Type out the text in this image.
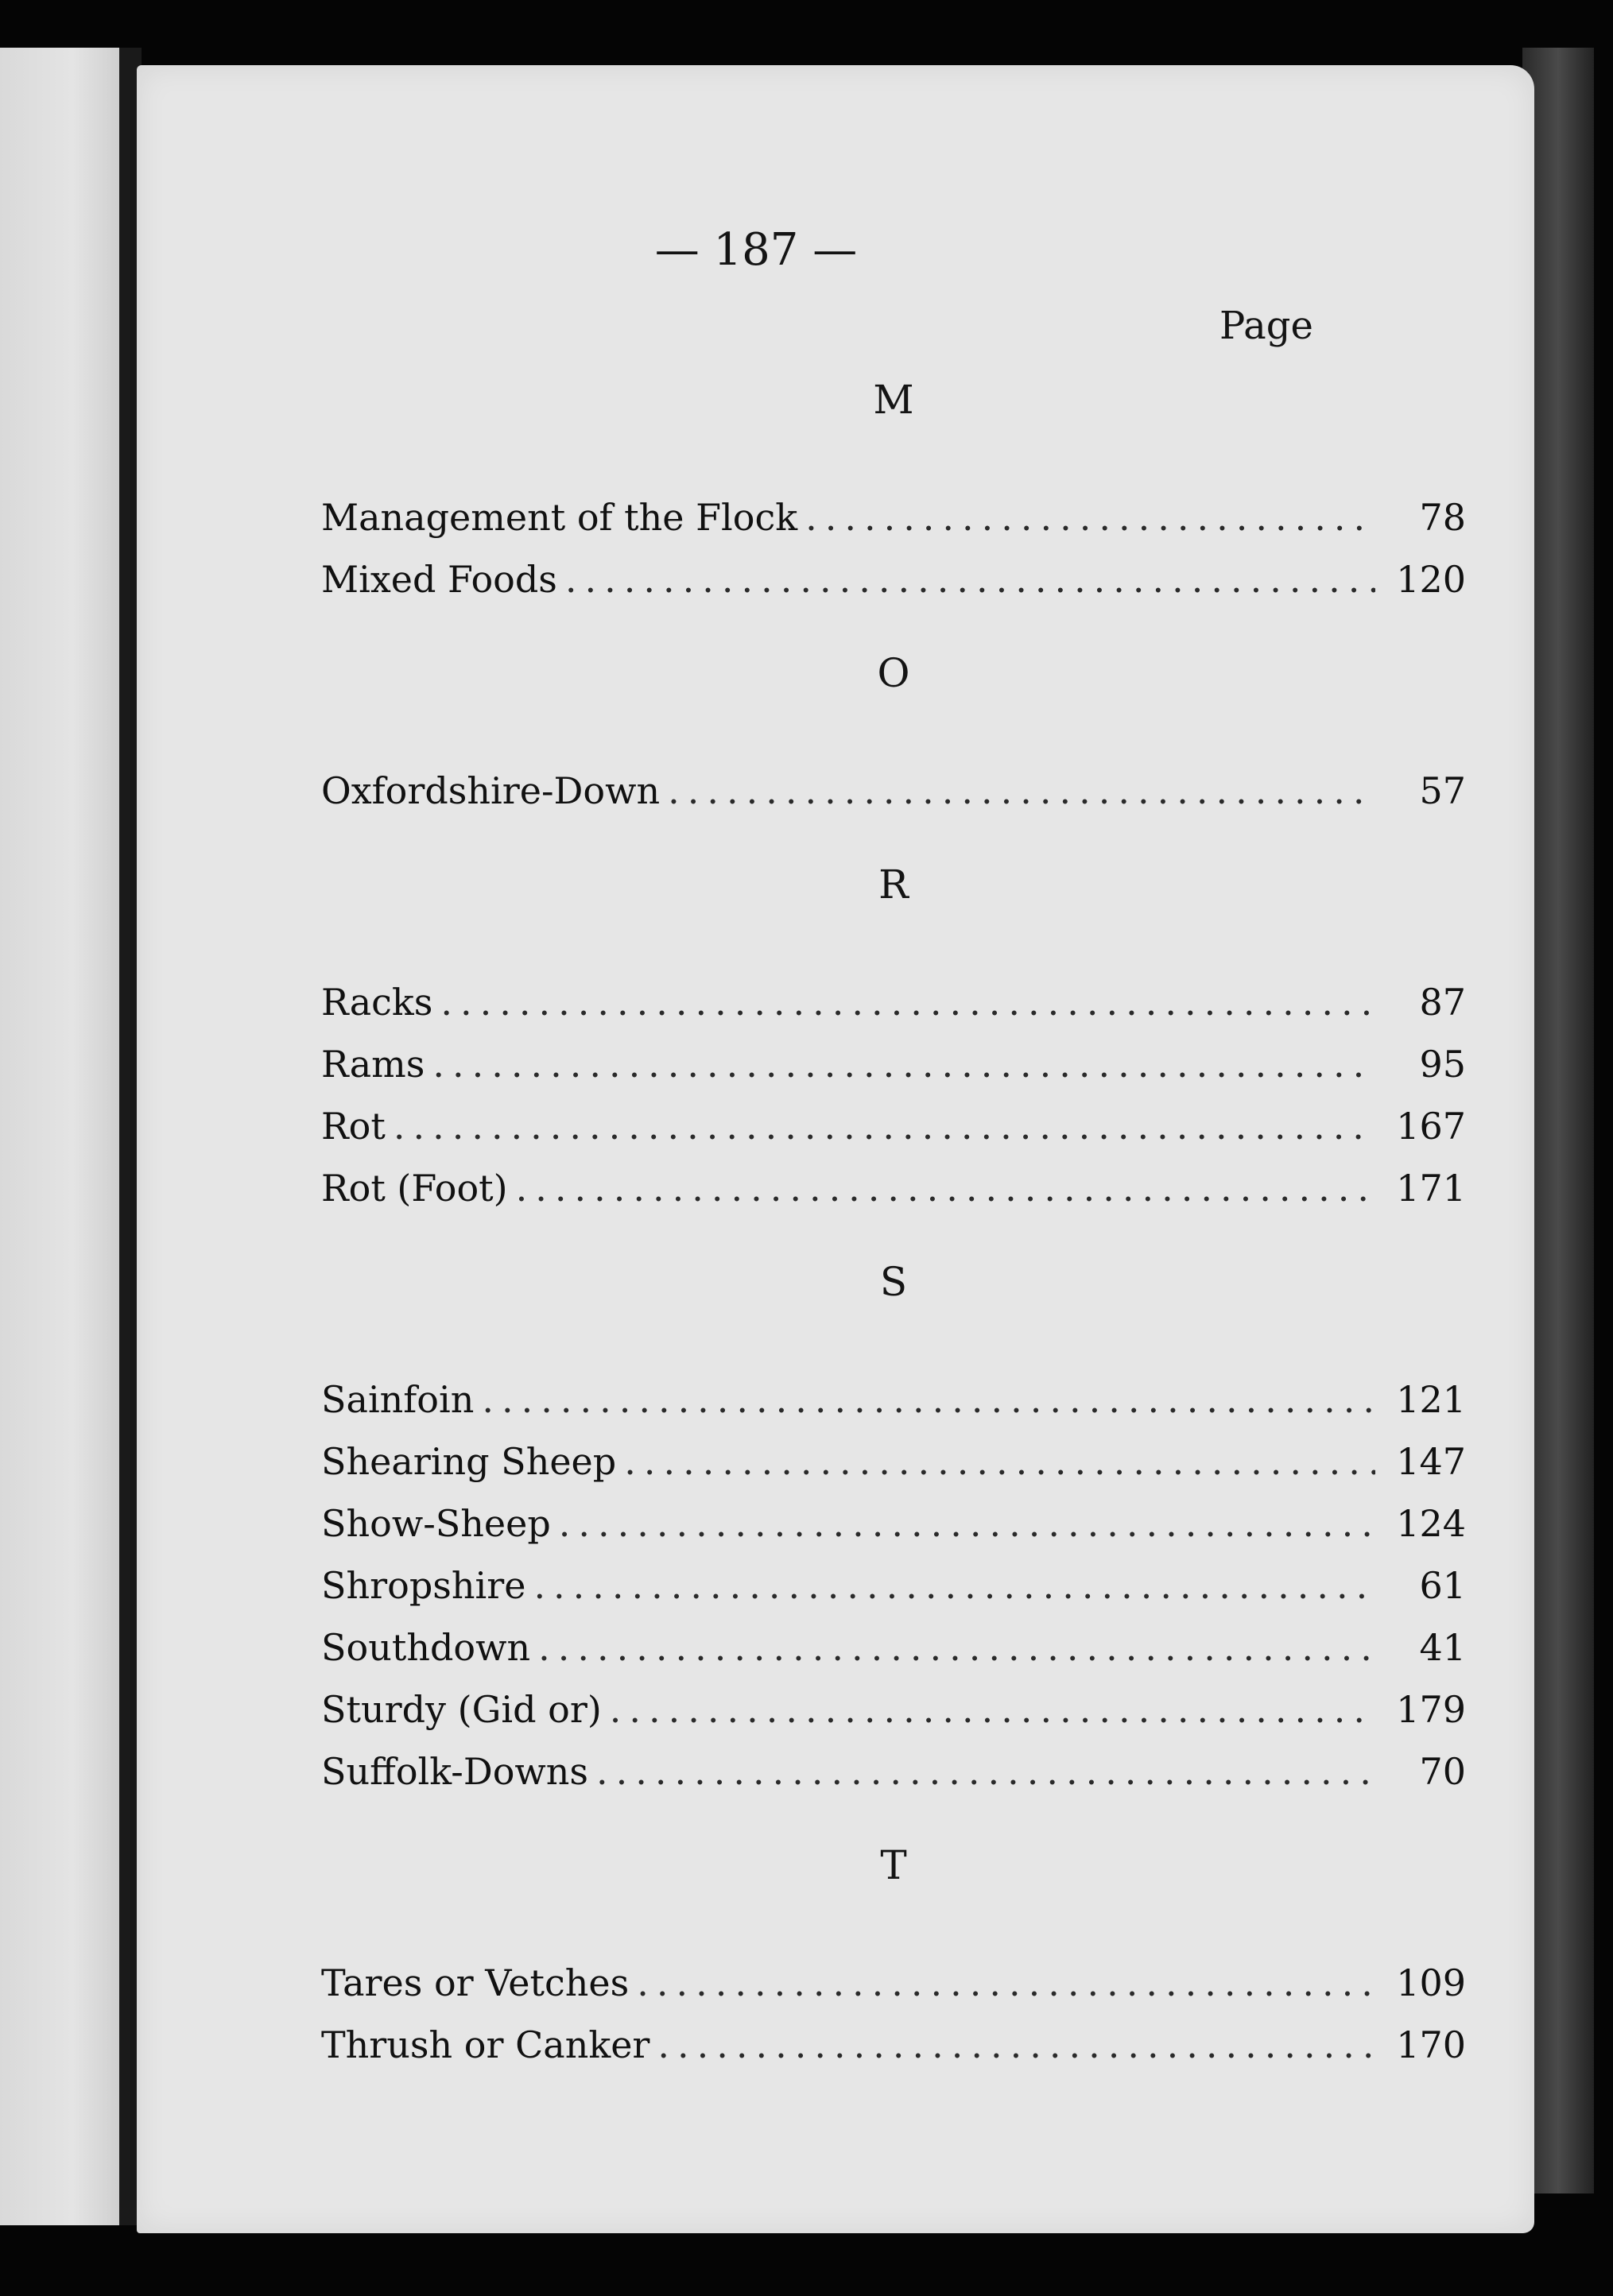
— 187 —
Page
M
Management of the Flock .....	78
Mixed Foods .....	120
O
Oxfordshire-Down .....	57
R
Racks .....	87
Rams .....	95
Rot .....	167
Rot (Foot) .....	171
S
Sainfoin .....	121
Shearing Sheep .....	147
Show-Sheep .....	124
Shropshire .....	61
Southdown .....	41
Sturdy (Gid or) .....	179
Suffolk-Downs .....	70
T
Tares or Vetches .....	109
Thrush or Canker .....	170
